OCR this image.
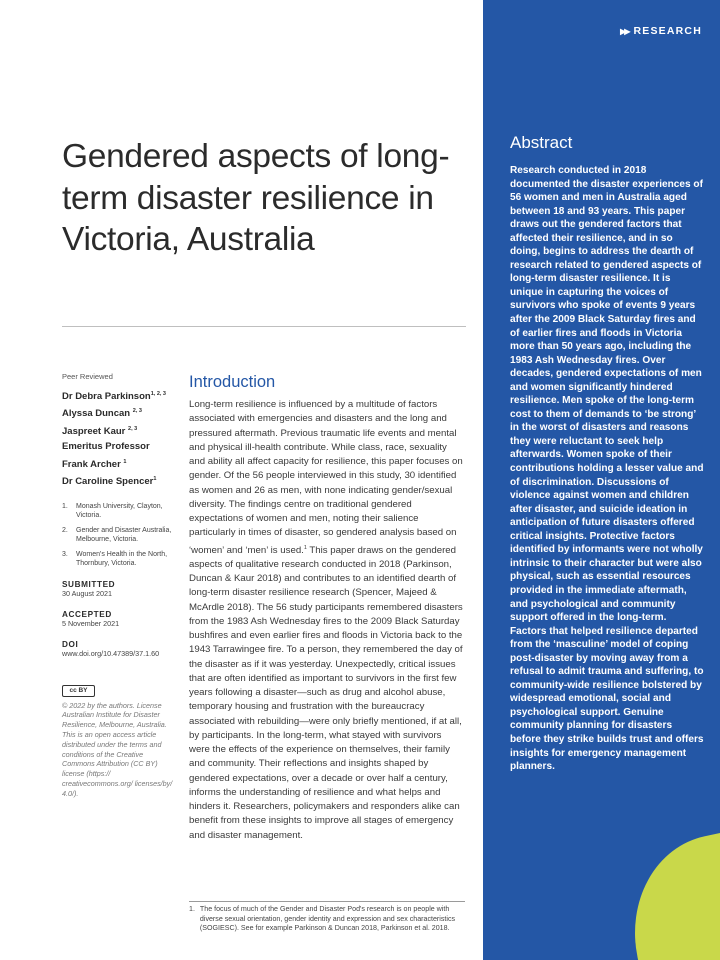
▶▶ RESEARCH
Abstract

Research conducted in 2018 documented the disaster experiences of 56 women and men in Australia aged between 18 and 93 years. This paper draws out the gendered factors that affected their resilience, and in so doing, begins to address the dearth of research related to gendered aspects of long-term disaster resilience. It is unique in capturing the voices of survivors who spoke of events 9 years after the 2009 Black Saturday fires and of earlier fires and floods in Victoria more than 50 years ago, including the 1983 Ash Wednesday fires. Over decades, gendered expectations of men and women significantly hindered resilience. Men spoke of the long-term cost to them of demands to ‘be strong’ in the worst of disasters and reasons they were reluctant to seek help afterwards. Women spoke of their contributions holding a lesser value and of discrimination. Discussions of violence against women and children after disaster, and suicide ideation in anticipation of future disasters offered critical insights. Protective factors identified by informants were not wholly intrinsic to their character but were also physical, such as essential resources provided in the immediate aftermath, and psychological and community support offered in the long-term. Factors that helped resilience departed from the ‘masculine’ model of coping post-disaster by moving away from a refusal to admit trauma and suffering, to community-wide resilience bolstered by widespread emotional, social and psychological support. Genuine community planning for disasters before they strike builds trust and offers insights for emergency management planners.

Gendered aspects of long-term disaster resilience in Victoria, Australia
Peer Reviewed
Dr Debra Parkinson$^{1, 2, 3}$
Alyssa Duncan $^{2, 3}$
Jaspreet Kaur $^{2, 3}$
Emeritus Professor
Frank Archer $^1$
Dr Caroline Spencer$^1$
1.	Monash University, Clayton, Victoria.
2.	Gender and Disaster Australia, Melbourne, Victoria.
3.	Women's Health in the North, Thornbury, Victoria.
SUBMITTED
30 August 2021
ACCEPTED
5 November 2021
DOI
www.doi.org/10.47389/37.1.60
cc BY
© 2022 by the authors. License Australian Institute for Disaster Resilience, Melbourne, Australia. This is an open access article distributed under the terms and conditions of the Creative Commons Attribution (CC BY) license (https:// creativecommons.org/ licenses/by/ 4.0/).
Introduction

Long-term resilience is influenced by a multitude of factors associated with emergencies and disasters and the long and pressured aftermath. Previous traumatic life events and mental and physical ill-health contribute. While class, race, sexuality and ability all affect capacity for resilience, this paper focuses on gender. Of the 56 people interviewed in this study, 30 identified as women and 26 as men, with none indicating gender/sexual diversity. The findings centre on traditional gendered expectations of women and men, noting their salience particularly in times of disaster, so gendered analysis based on ‘women’ and ‘men’ is used.$^1$ This paper draws on the gendered aspects of qualitative research conducted in 2018 (Parkinson, Duncan & Kaur 2018) and contributes to an identified dearth of long-term disaster resilience research (Spencer, Majeed & McArdle 2018). The 56 study participants remembered disasters from the 1983 Ash Wednesday fires to the 2009 Black Saturday bushfires and even earlier fires and floods in Victoria back to the 1943 Tarrawingee fire. To a person, they remembered the day of the disaster as if it was yesterday. Unexpectedly, critical issues that are often identified as important to survivors in the first few years following a disaster—such as drug and alcohol abuse, temporary housing and frustration with the bureaucracy associated with rebuilding—were only briefly mentioned, if at all, by participants. In the long-term, what stayed with survivors were the effects of the experience on themselves, their family and community. Their reflections and insights shaped by gendered expectations, over a decade or over half a century, informs the understanding of resilience and what helps and hinders it. Researchers, policymakers and responders alike can benefit from these insights to improve all stages of emergency and disaster management.

1. The focus of much of the Gender and Disaster Pod's research is on people with diverse sexual orientation, gender identity and expression and sex characteristics (SOGIESC). See for example Parkinson & Duncan 2018, Parkinson et al. 2018.
